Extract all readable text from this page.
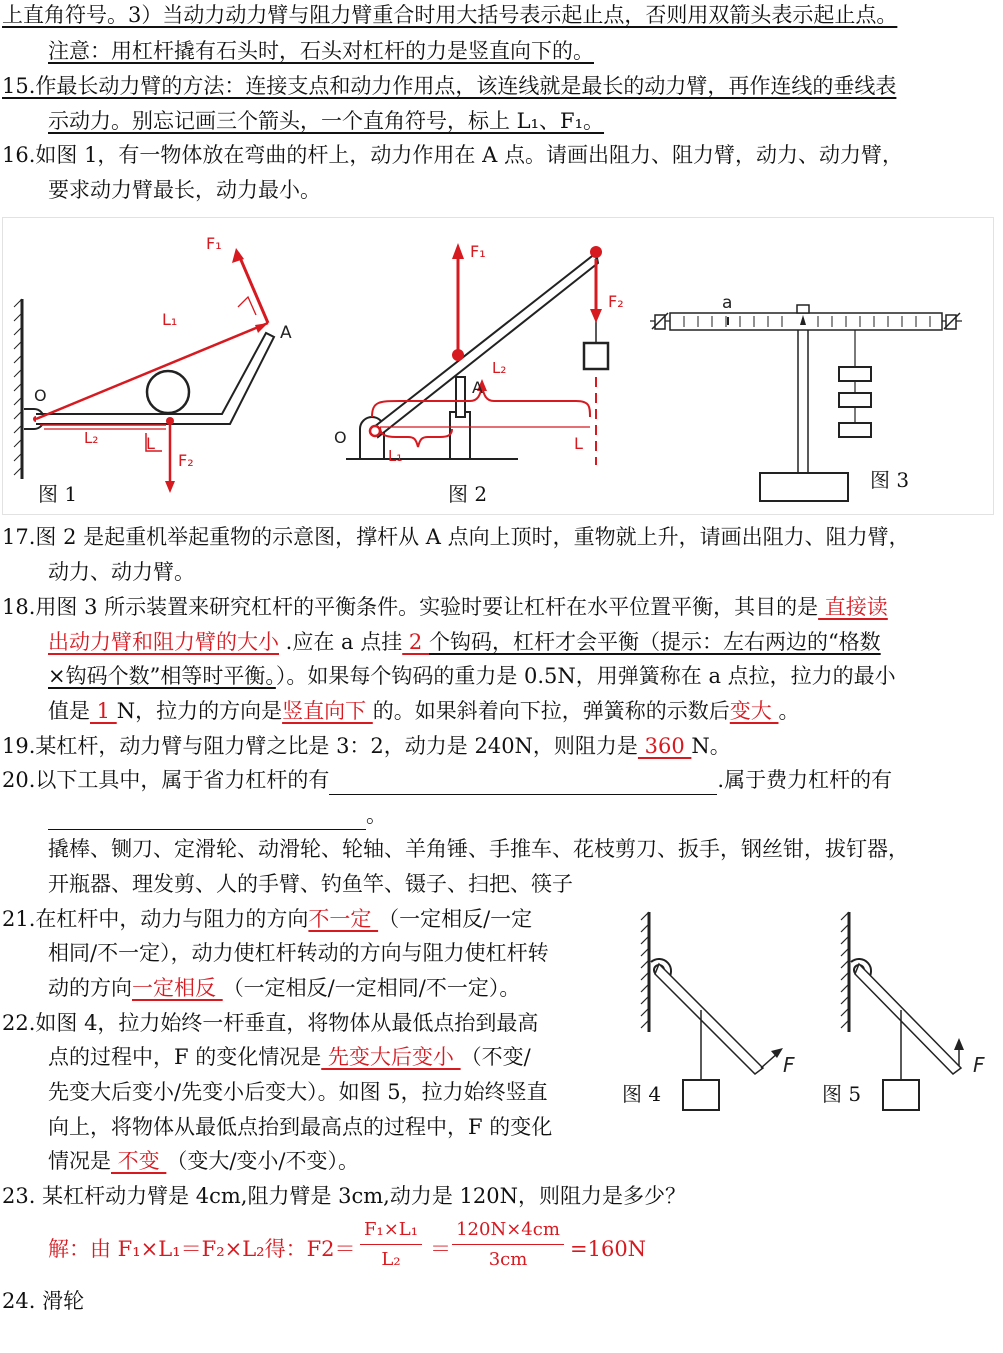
上直角符号。3）当动力动力臂与阻力臂重合时用大括号表示起止点，否则用双箭头表示起止点。
注意：用杠杆撬有石头时，石头对杠杆的力是竖直向下的。
15.作最长动力臂的方法：连接支点和动力作用点，该连线就是最长的动力臂，再作连线的垂线表
示动力。别忘记画三个箭头，一个直角符号，标上 L₁、F₁。
16.如图 1，有一物体放在弯曲的杆上，动力作用在 A 点。请画出阻力、阻力臂，动力、动力臂，
要求动力臂最长，动力最小。
F₁
L₁
A
O
L₂	L
F₂
F₁
F₂
L₂
A
O
L₁
L
a
图 1	图 2
图 3
17.图 2 是起重机举起重物的示意图，撑杆从 A 点向上顶时，重物就上升，请画出阻力、阻力臂，
动力、动力臂。
18.用图 3 所示装置来研究杠杆的平衡条件。实验时要让杠杆在水平位置平衡，其目的是 直接读
出动力臂和阻力臂的大小 .应在 a 点挂 2 个钩码，杠杆才会平衡（提示：左右两边的“格数
×钩码个数”相等时平衡。）。如果每个钩码的重力是 0.5N，用弹簧称在 a 点拉，拉力的最小
值是 1 N，拉力的方向是竖直向下 的。如果斜着向下拉，弹簧称的示数后变大 。
19.某杠杆，动力臂与阻力臂之比是 3：2，动力是 240N，则阻力是 360 N。
20.以下工具中，属于省力杠杆的有	.属于费力杠杆的有
。
撬棒、铡刀、定滑轮、动滑轮、轮轴、羊角锤、手推车、花枝剪刀、扳手，钢丝钳，拔钉器，
开瓶器、理发剪、人的手臂、钓鱼竿、镊子、扫把、筷子
21.在杠杆中，动力与阻力的方向不一定 （一定相反/一定
相同/不一定），动力使杠杆转动的方向与阻力使杠杆转
动的方向一定相反 （一定相反/一定相同/不一定）。
22.如图 4，拉力始终一杆垂直，将物体从最低点抬到最高
点的过程中，F 的变化情况是 先变大后变小 （不变/
先变大后变小/先变小后变大）。如图 5，拉力始终竖直
向上，将物体从最低点抬到最高点的过程中，F 的变化
情况是 不变 （变大/变小/不变）。
F	F
图 4	图 5
23. 某杠杆动力臂是 4cm,阻力臂是 3cm,动力是 120N，则阻力是多少？
解：由 F₁×L₁＝F₂×L₂得：$F2= \frac{\text{F₁×L₁}}{\text{L₂}} = \frac{120N\times 4cm}{3cm} =160N$
24. 滑轮
